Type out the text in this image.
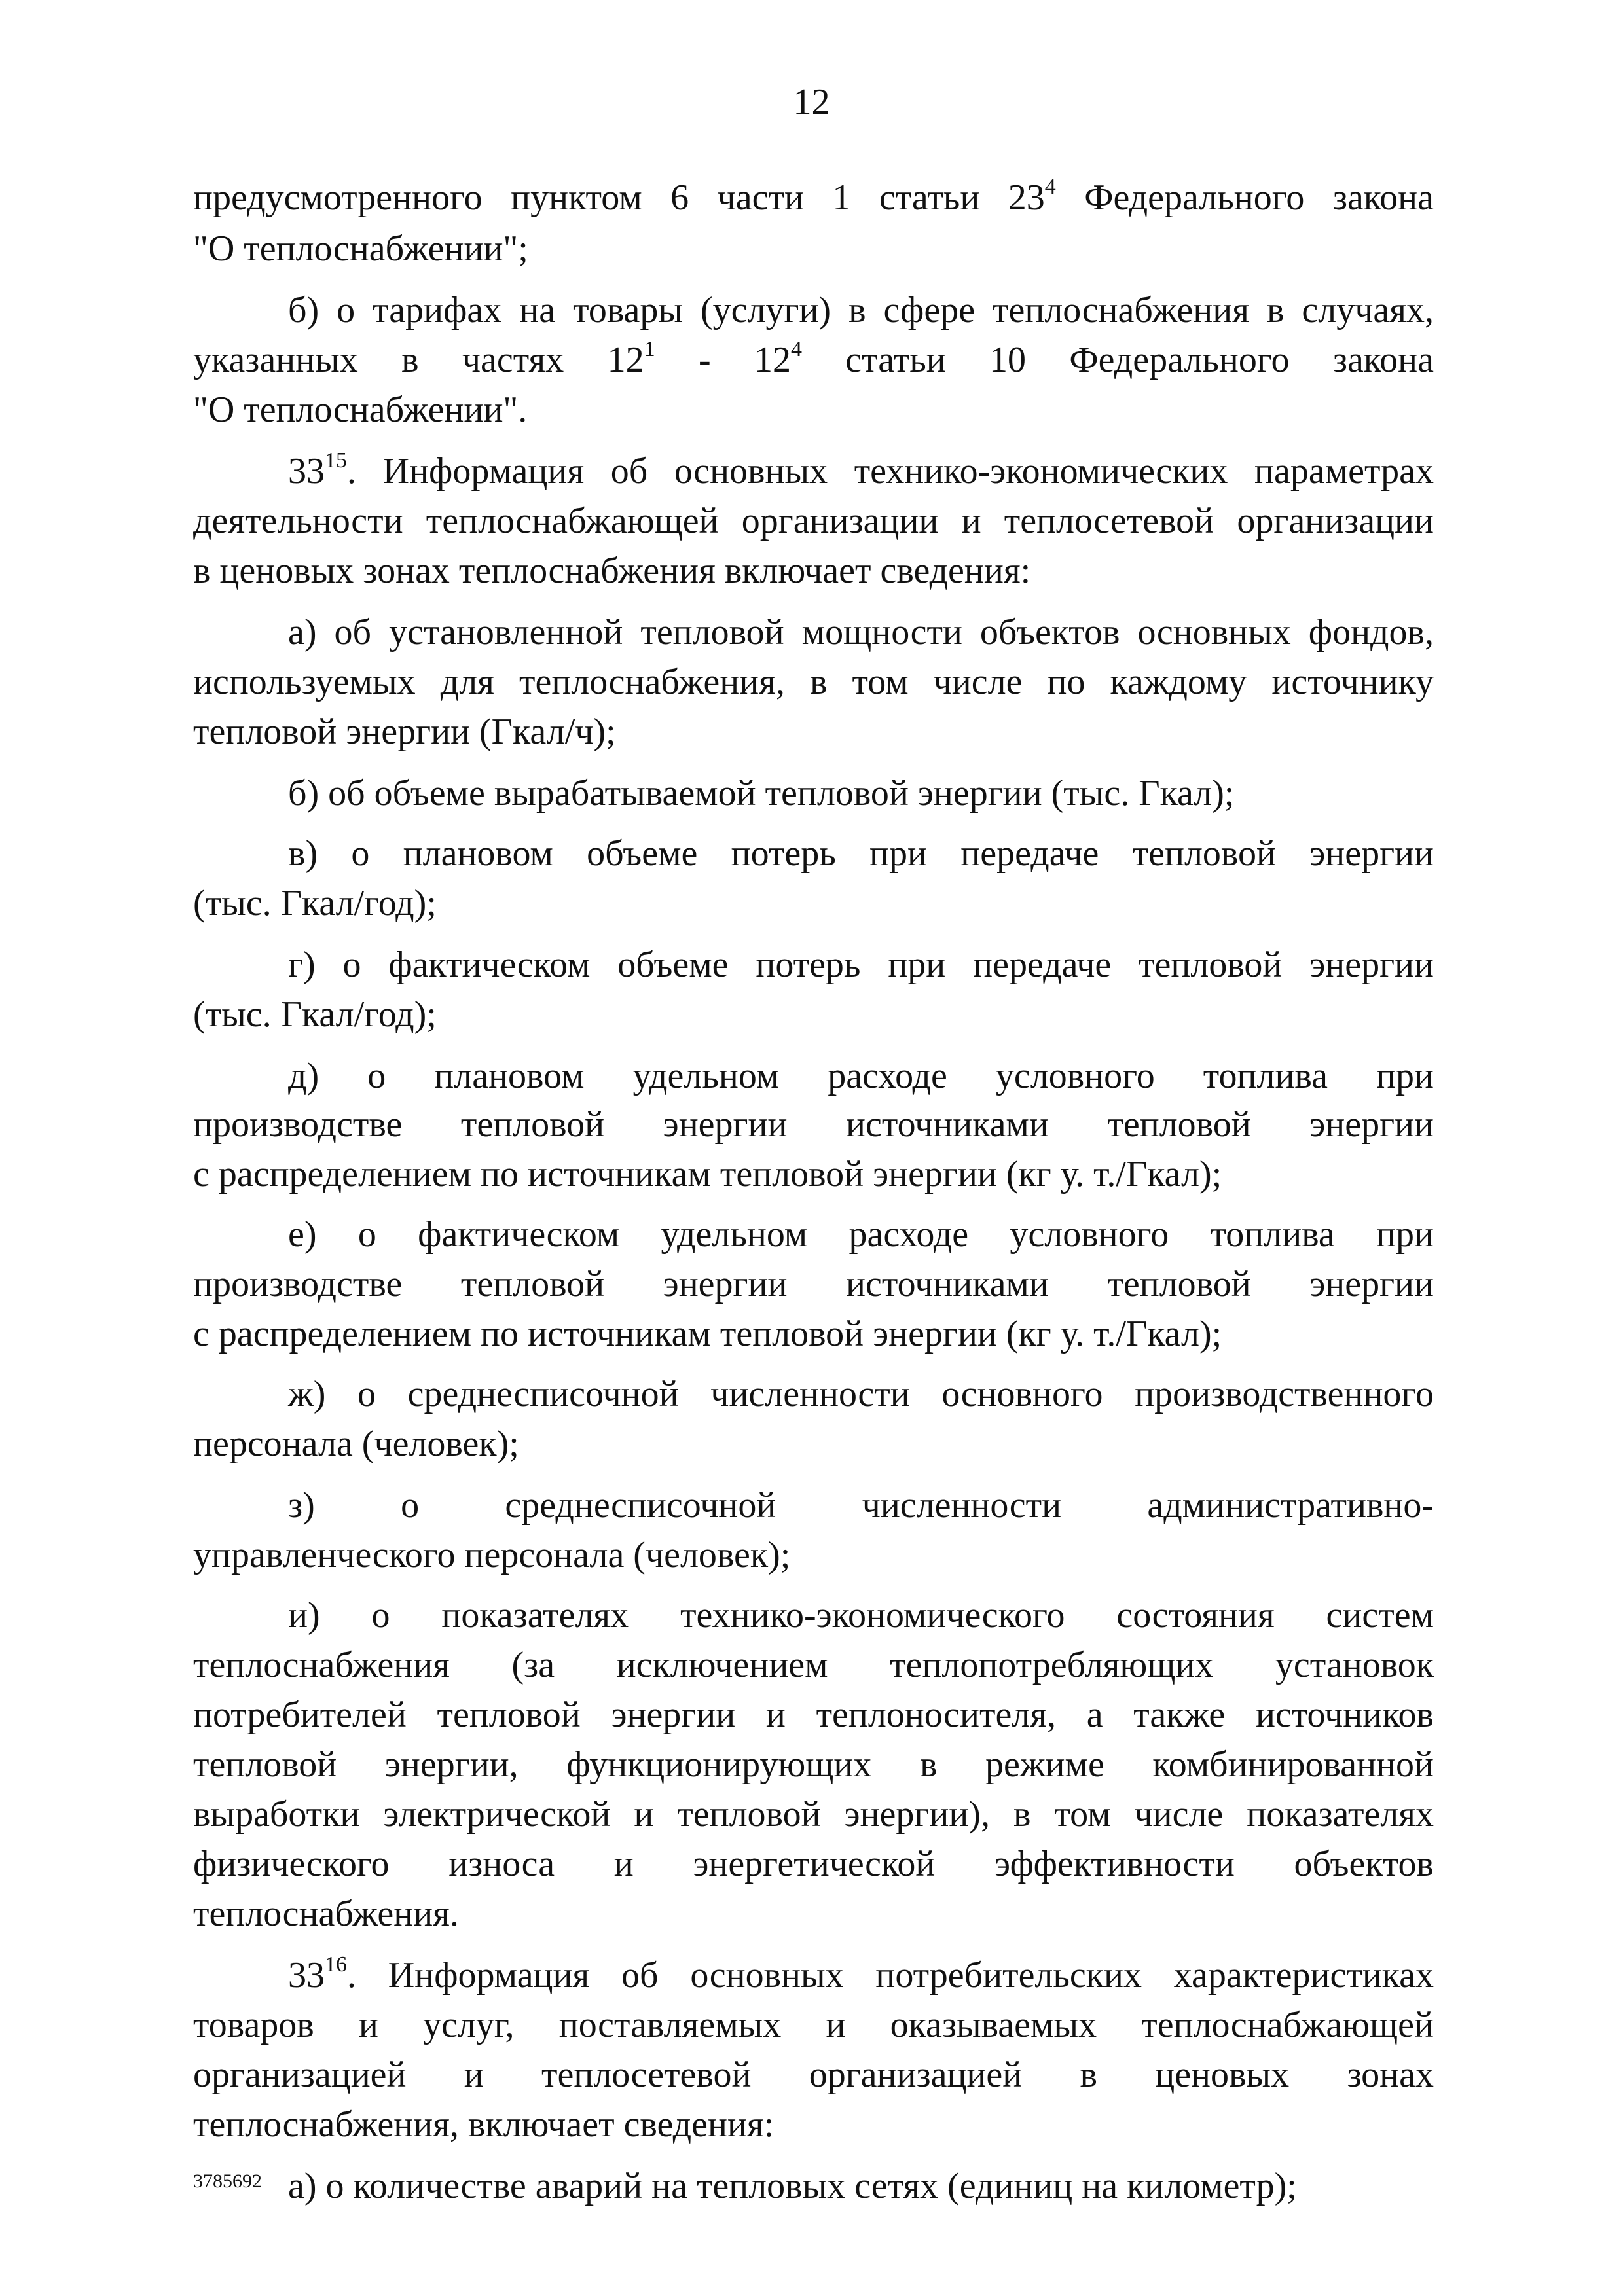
12
предусмотренного пунктом 6 части 1 статьи $23^4$ Федерального закона
"О теплоснабжении";
б) о тарифах на товары (услуги) в сфере теплоснабжения в случаях,
указанных в частях $12^1 - 12^4$ статьи 10 Федерального закона
"О теплоснабжении".
$33^{15}$. Информация об основных технико-экономических параметрах
деятельности теплоснабжающей организации и теплосетевой организации
в ценовых зонах теплоснабжения включает сведения:
а) об установленной тепловой мощности объектов основных фондов,
используемых для теплоснабжения, в том числе по каждому источнику
тепловой энергии (Гкал/ч);
б) об объеме вырабатываемой тепловой энергии (тыс. Гкал);
в) о плановом объеме потерь при передаче тепловой энергии
(тыс. Гкал/год);
г) о фактическом объеме потерь при передаче тепловой энергии
(тыс. Гкал/год);
д) о плановом удельном расходе условного топлива при
производстве тепловой энергии источниками тепловой энергии
с распределением по источникам тепловой энергии (кг у. т./Гкал);
е) о фактическом удельном расходе условного топлива при
производстве тепловой энергии источниками тепловой энергии
с распределением по источникам тепловой энергии (кг у. т./Гкал);
ж) о среднесписочной численности основного производственного
персонала (человек);
з) о среднесписочной численности административно-
управленческого персонала (человек);
и) о показателях технико-экономического состояния систем
теплоснабжения (за исключением теплопотребляющих установок
потребителей тепловой энергии и теплоносителя, а также источников
тепловой энергии, функционирующих в режиме комбинированной
выработки электрической и тепловой энергии), в том числе показателях
физического износа и энергетической эффективности объектов
теплоснабжения.
$33^{16}$. Информация об основных потребительских характеристиках
товаров и услуг, поставляемых и оказываемых теплоснабжающей
организацией и теплосетевой организацией в ценовых зонах
теплоснабжения, включает сведения:
а) о количестве аварий на тепловых сетях (единиц на километр);
3785692
